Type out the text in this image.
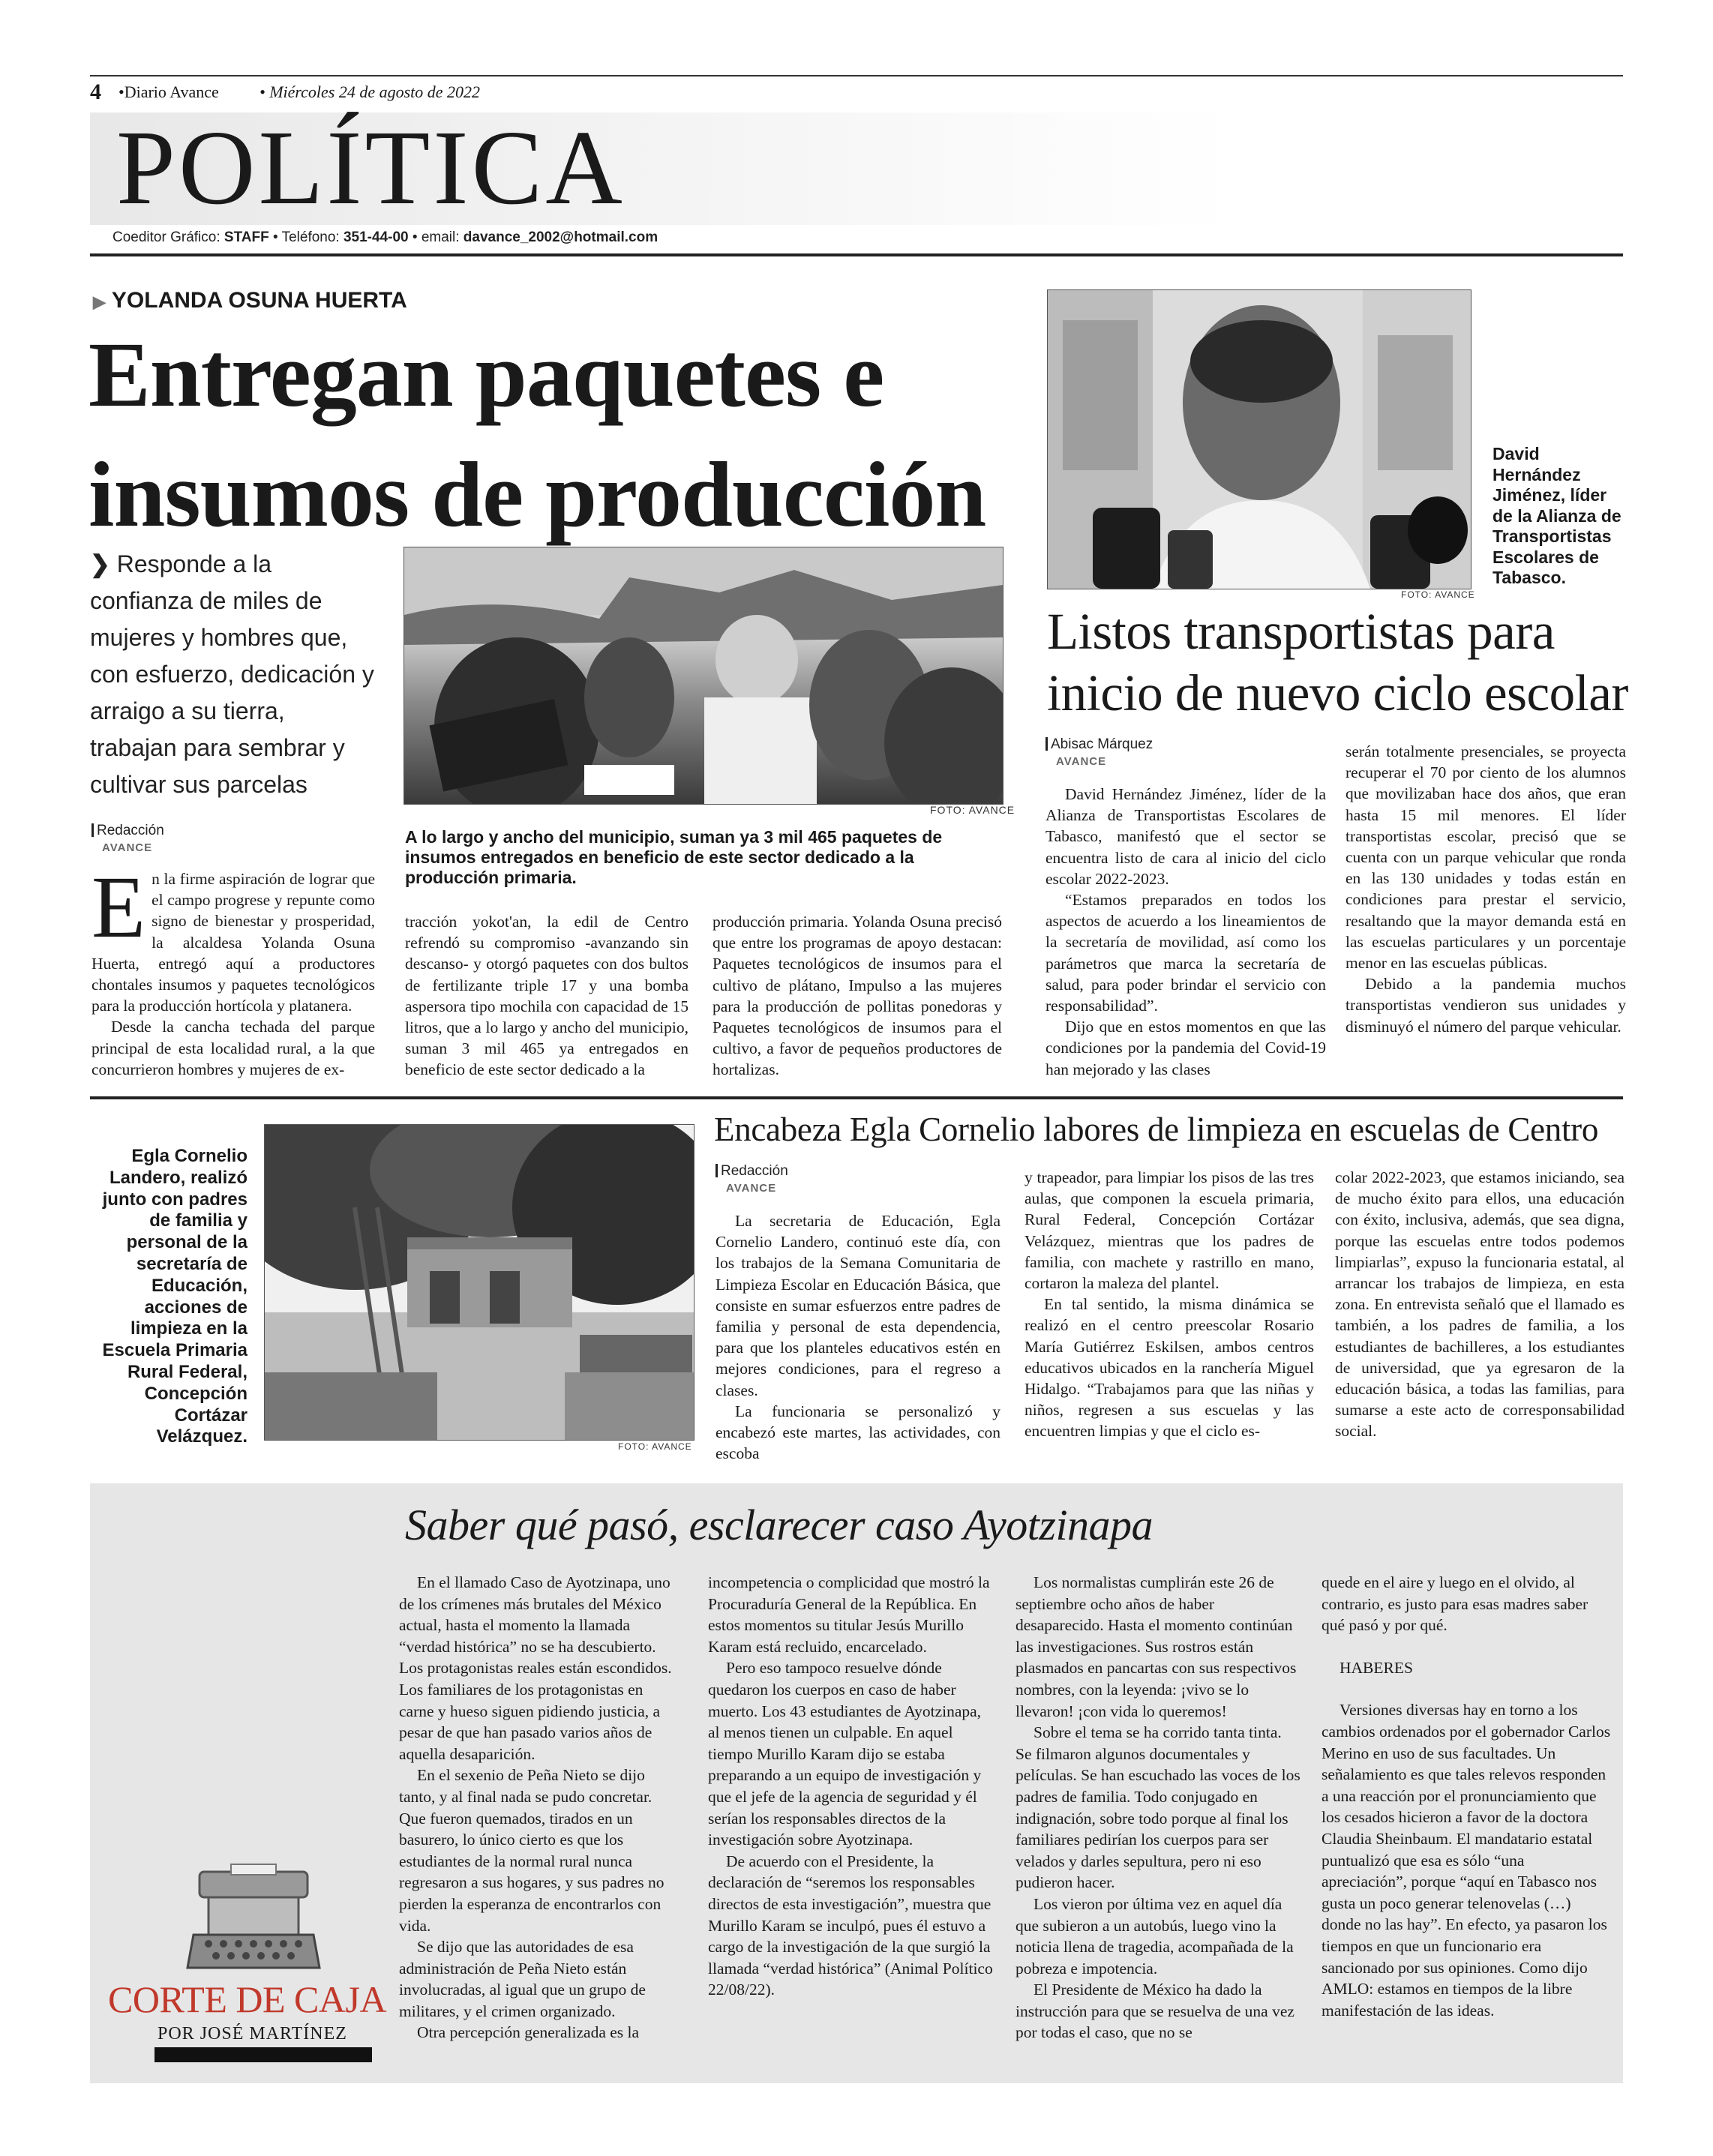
4 •Diario Avance • Miércoles 24 de agosto de 2022
POLÍTICA
Coeditor Gráfico: STAFF • Teléfono: 351-44-00 • email: davance_2002@hotmail.com
▶ YOLANDA OSUNA HUERTA
Entregan paquetes e
insumos de producción
❯ Responde a la confianza de miles de mujeres y hombres que, con esfuerzo, dedicación y arraigo a su tierra, trabajan para sembrar y cultivar sus parcelas
FOTO: AVANCE
A lo largo y ancho del municipio, suman ya 3 mil 465 paquetes de insumos entregados en beneficio de este sector dedicado a la producción primaria.
Redacción
AVANCE

En la firme aspiración de lograr que el campo progrese y repunte como signo de bienestar y prosperidad, la alcaldesa Yolanda Osuna Huerta, entregó aquí a productores chontales insumos y paquetes tecnológicos para la producción hortícola y platanera.

Desde la cancha techada del parque principal de esta localidad rural, a la que concurrieron hombres y mujeres de ex-

tracción yokot'an, la edil de Centro refrendó su compromiso -avanzando sin descanso- y otorgó paquetes con dos bultos de fertilizante triple 17 y una bomba aspersora tipo mochila con capacidad de 15 litros, que a lo largo y ancho del municipio, suman 3 mil 465 ya entregados en beneficio de este sector dedicado a la

producción primaria. Yolanda Osuna precisó que entre los programas de apoyo destacan: Paquetes tecnológicos de insumos para el cultivo de plátano, Impulso a las mujeres para la producción de pollitas ponedoras y Paquetes tecnológicos de insumos para el cultivo, a favor de pequeños productores de hortalizas.

FOTO: AVANCE
David Hernández Jiménez, líder de la Alianza de Transportistas Escolares de Tabasco.
Listos transportistas para
inicio de nuevo ciclo escolar
Abisac Márquez
AVANCE

David Hernández Jiménez, líder de la Alianza de Transportistas Escolares de Tabasco, manifestó que el sector se encuentra listo de cara al inicio del ciclo escolar 2022-2023.

“Estamos preparados en todos los aspectos de acuerdo a los lineamientos de la secretaría de movilidad, así como los parámetros que marca la secretaría de salud, para poder brindar el servicio con responsabilidad”.

Dijo que en estos momentos en que las condiciones por la pandemia del Covid-19 han mejorado y las clases

serán totalmente presenciales, se proyecta recuperar el 70 por ciento de los alumnos que movilizaban hace dos años, que eran hasta 15 mil menores. El líder transportistas escolar, precisó que se cuenta con un parque vehicular que ronda en las 130 unidades y todas están en condiciones para prestar el servicio, resaltando que la mayor demanda está en las escuelas particulares y un porcentaje menor en las escuelas públicas.

Debido a la pandemia muchos transportistas vendieron sus unidades y disminuyó el número del parque vehicular.

Egla Cornelio Landero, realizó junto con padres de familia y personal de la secretaría de Educación, acciones de limpieza en la Escuela Primaria Rural Federal, Concepción Cortázar Velázquez.	FOTO: AVANCE
Encabeza Egla Cornelio labores de limpieza en escuelas de Centro
Redacción
AVANCE

La secretaria de Educación, Egla Cornelio Landero, continuó este día, con los trabajos de la Semana Comunitaria de Limpieza Escolar en Educación Básica, que consiste en sumar esfuerzos entre padres de familia y personal de esta dependencia, para que los planteles educativos estén en mejores condiciones, para el regreso a clases.

La funcionaria se personalizó y encabezó este martes, las actividades, con escoba

y trapeador, para limpiar los pisos de las tres aulas, que componen la escuela primaria, Rural Federal, Concepción Cortázar Velázquez, mientras que los padres de familia, con machete y rastrillo en mano, cortaron la maleza del plantel.

En tal sentido, la misma dinámica se realizó en el centro preescolar Rosario María Gutiérrez Eskilsen, ambos centros educativos ubicados en la ranchería Miguel Hidalgo. “Trabajamos para que las niñas y niños, regresen a sus escuelas y las encuentren limpias y que el ciclo es-

colar 2022-2023, que estamos iniciando, sea de mucho éxito para ellos, una educación con éxito, inclusiva, además, que sea digna, porque las escuelas entre todos podemos limpiarlas”, expuso la funcionaria estatal, al arrancar los trabajos de limpieza, en esta zona. En entrevista señaló que el llamado es también, a los padres de familia, a los estudiantes de bachilleres, a los estudiantes de universidad, que ya egresaron de la educación básica, a todas las familias, para sumarse a este acto de corresponsabilidad social.

Saber qué pasó, esclarecer caso Ayotzinapa
CORTE DE CAJA
POR JOSÉ MARTÍNEZ

En el llamado Caso de Ayotzinapa, uno de los crímenes más brutales del México actual, hasta el momento la llamada “verdad histórica” no se ha descubierto. Los protagonistas reales están escondidos. Los familiares de los protagonistas en carne y hueso siguen pidiendo justicia, a pesar de que han pasado varios años de aquella desaparición.

En el sexenio de Peña Nieto se dijo tanto, y al final nada se pudo concretar. Que fueron quemados, tirados en un basurero, lo único cierto es que los estudiantes de la normal rural nunca regresaron a sus hogares, y sus padres no pierden la esperanza de encontrarlos con vida.

Se dijo que las autoridades de esa administración de Peña Nieto están involucradas, al igual que un grupo de militares, y el crimen organizado.

Otra percepción generalizada es la

incompetencia o complicidad que mostró la Procuraduría General de la República. En estos momentos su titular Jesús Murillo Karam está recluido, encarcelado.

Pero eso tampoco resuelve dónde quedaron los cuerpos en caso de haber muerto. Los 43 estudiantes de Ayotzinapa, al menos tienen un culpable. En aquel tiempo Murillo Karam dijo se estaba preparando a un equipo de investigación y que el jefe de la agencia de seguridad y él serían los responsables directos de la investigación sobre Ayotzinapa.

De acuerdo con el Presidente, la declaración de “seremos los responsables directos de esta investigación”, muestra que Murillo Karam se inculpó, pues él estuvo a cargo de la investigación de la que surgió la llamada “verdad histórica” (Animal Político 22/08/22).

Los normalistas cumplirán este 26 de septiembre ocho años de haber desaparecido. Hasta el momento continúan las investigaciones. Sus rostros están plasmados en pancartas con sus respectivos nombres, con la leyenda: ¡vivo se lo llevaron! ¡con vida lo queremos!

Sobre el tema se ha corrido tanta tinta. Se filmaron algunos documentales y películas. Se han escuchado las voces de los padres de familia. Todo conjugado en indignación, sobre todo porque al final los familiares pedirían los cuerpos para ser velados y darles sepultura, pero ni eso pudieron hacer.

Los vieron por última vez en aquel día que subieron a un autobús, luego vino la noticia llena de tragedia, acompañada de la pobreza e impotencia.

El Presidente de México ha dado la instrucción para que se resuelva de una vez por todas el caso, que no se

quede en el aire y luego en el olvido, al contrario, es justo para esas madres saber qué pasó y por qué.

HABERES

Versiones diversas hay en torno a los cambios ordenados por el gobernador Carlos Merino en uso de sus facultades. Un señalamiento es que tales relevos responden a una reacción por el pronunciamiento que los cesados hicieron a favor de la doctora Claudia Sheinbaum. El mandatario estatal puntualizó que esa es sólo “una apreciación”, porque “aquí en Tabasco nos gusta un poco generar telenovelas (…) donde no las hay”. En efecto, ya pasaron los tiempos en que un funcionario era sancionado por sus opiniones. Como dijo AMLO: estamos en tiempos de la libre manifestación de las ideas.
